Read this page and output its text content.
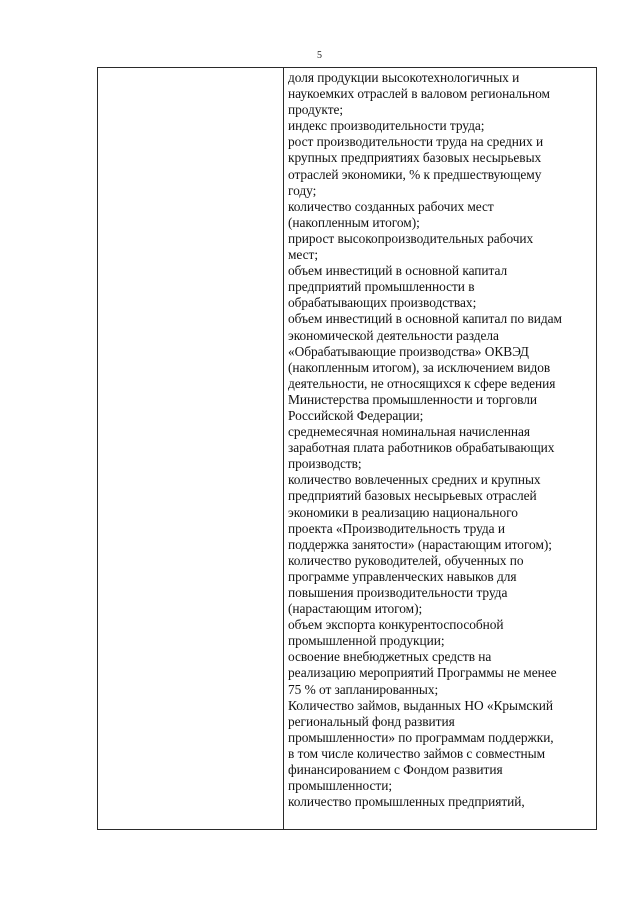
5
доля продукции высокотехнологичных и
наукоемких отраслей в валовом региональном
продукте;
индекс производительности труда;
рост производительности труда на средних и
крупных предприятиях базовых несырьевых
отраслей экономики, % к предшествующему
году;
количество созданных рабочих мест
(накопленным итогом);
прирост высокопроизводительных рабочих
мест;
объем инвестиций в основной капитал
предприятий промышленности в
обрабатывающих производствах;
объем инвестиций в основной капитал по видам
экономической деятельности раздела
«Обрабатывающие производства» ОКВЭД
(накопленным итогом), за исключением видов
деятельности, не относящихся к сфере ведения
Министерства промышленности и торговли
Российской Федерации;
среднемесячная номинальная начисленная
заработная плата работников обрабатывающих
производств;
количество вовлеченных средних и крупных
предприятий базовых несырьевых отраслей
экономики в реализацию национального
проекта «Производительность труда и
поддержка занятости» (нарастающим итогом);
количество руководителей, обученных по
программе управленческих навыков для
повышения производительности труда
(нарастающим итогом);
объем экспорта конкурентоспособной
промышленной продукции;
освоение внебюджетных средств на
реализацию мероприятий Программы не менее
75 % от запланированных;
Количество займов, выданных НО «Крымский
региональный фонд развития
промышленности» по программам поддержки,
в том числе количество займов с совместным
финансированием с Фондом развития
промышленности;
количество промышленных предприятий,
